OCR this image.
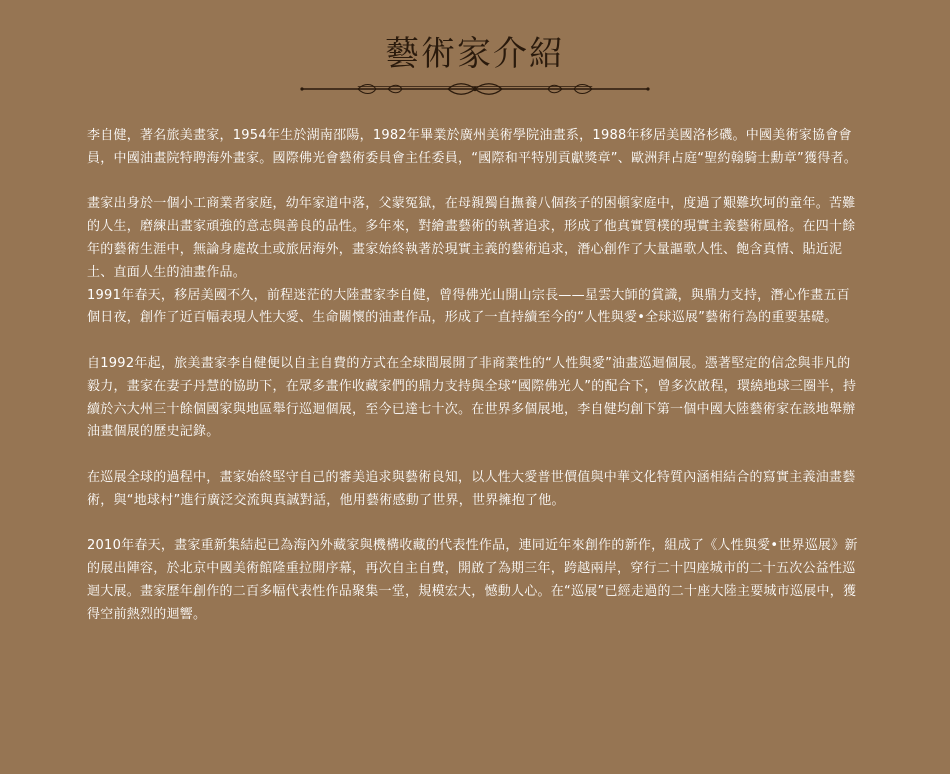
藝術家介紹

李自健，著名旅美畫家，1954年生於湖南邵陽，1982年畢業於廣州美術學院油畫系，1988年移居美國洛杉磯。中國美術家協會會員，中國油畫院特聘海外畫家。國際佛光會藝術委員會主任委員，“國際和平特別貢獻獎章”、歐洲拜占庭“聖約翰騎士勳章”獲得者。

畫家出身於一個小工商業者家庭，幼年家道中落，父蒙冤獄，在母親獨自撫養八個孩子的困頓家庭中，度過了艱難坎坷的童年。苦難的人生，磨練出畫家頑強的意志與善良的品性。多年來，對繪畫藝術的執著追求，形成了他真實質樸的現實主義藝術風格。在四十餘年的藝術生涯中，無論身處故土或旅居海外，畫家始終執著於現實主義的藝術追求，潛心創作了大量謳歌人性、飽含真情、貼近泥土、直面人生的油畫作品。

1991年春天，移居美國不久，前程迷茫的大陸畫家李自健，曾得佛光山開山宗長——星雲大師的賞識，與鼎力支持，潛心作畫五百個日夜，創作了近百幅表現人性大愛、生命關懷的油畫作品，形成了一直持續至今的“人性與愛•全球巡展”藝術行為的重要基礎。

自1992年起，旅美畫家李自健便以自主自費的方式在全球間展開了非商業性的“人性與愛”油畫巡迴個展。憑著堅定的信念與非凡的毅力，畫家在妻子丹慧的協助下，在眾多畫作收藏家們的鼎力支持與全球“國際佛光人”的配合下，曾多次啟程，環繞地球三圈半，持續於六大州三十餘個國家與地區舉行巡迴個展，至今已達七十次。在世界多個展地，李自健均創下第一個中國大陸藝術家在該地舉辦油畫個展的歷史記錄。

在巡展全球的過程中，畫家始終堅守自己的審美追求與藝術良知，以人性大愛普世價值與中華文化特質內涵相結合的寫實主義油畫藝術，與“地球村”進行廣泛交流與真誠對話，他用藝術感動了世界，世界擁抱了他。

2010年春天，畫家重新集結起已為海內外藏家與機構收藏的代表性作品，連同近年來創作的新作，組成了《人性與愛•世界巡展》新的展出陣容，於北京中國美術館隆重拉開序幕，再次自主自費，開啟了為期三年，跨越兩岸，穿行二十四座城市的二十五次公益性巡迴大展。畫家歷年創作的二百多幅代表性作品聚集一堂，規模宏大，憾動人心。在“巡展”已經走過的二十座大陸主要城市巡展中，獲得空前熱烈的迴響。
